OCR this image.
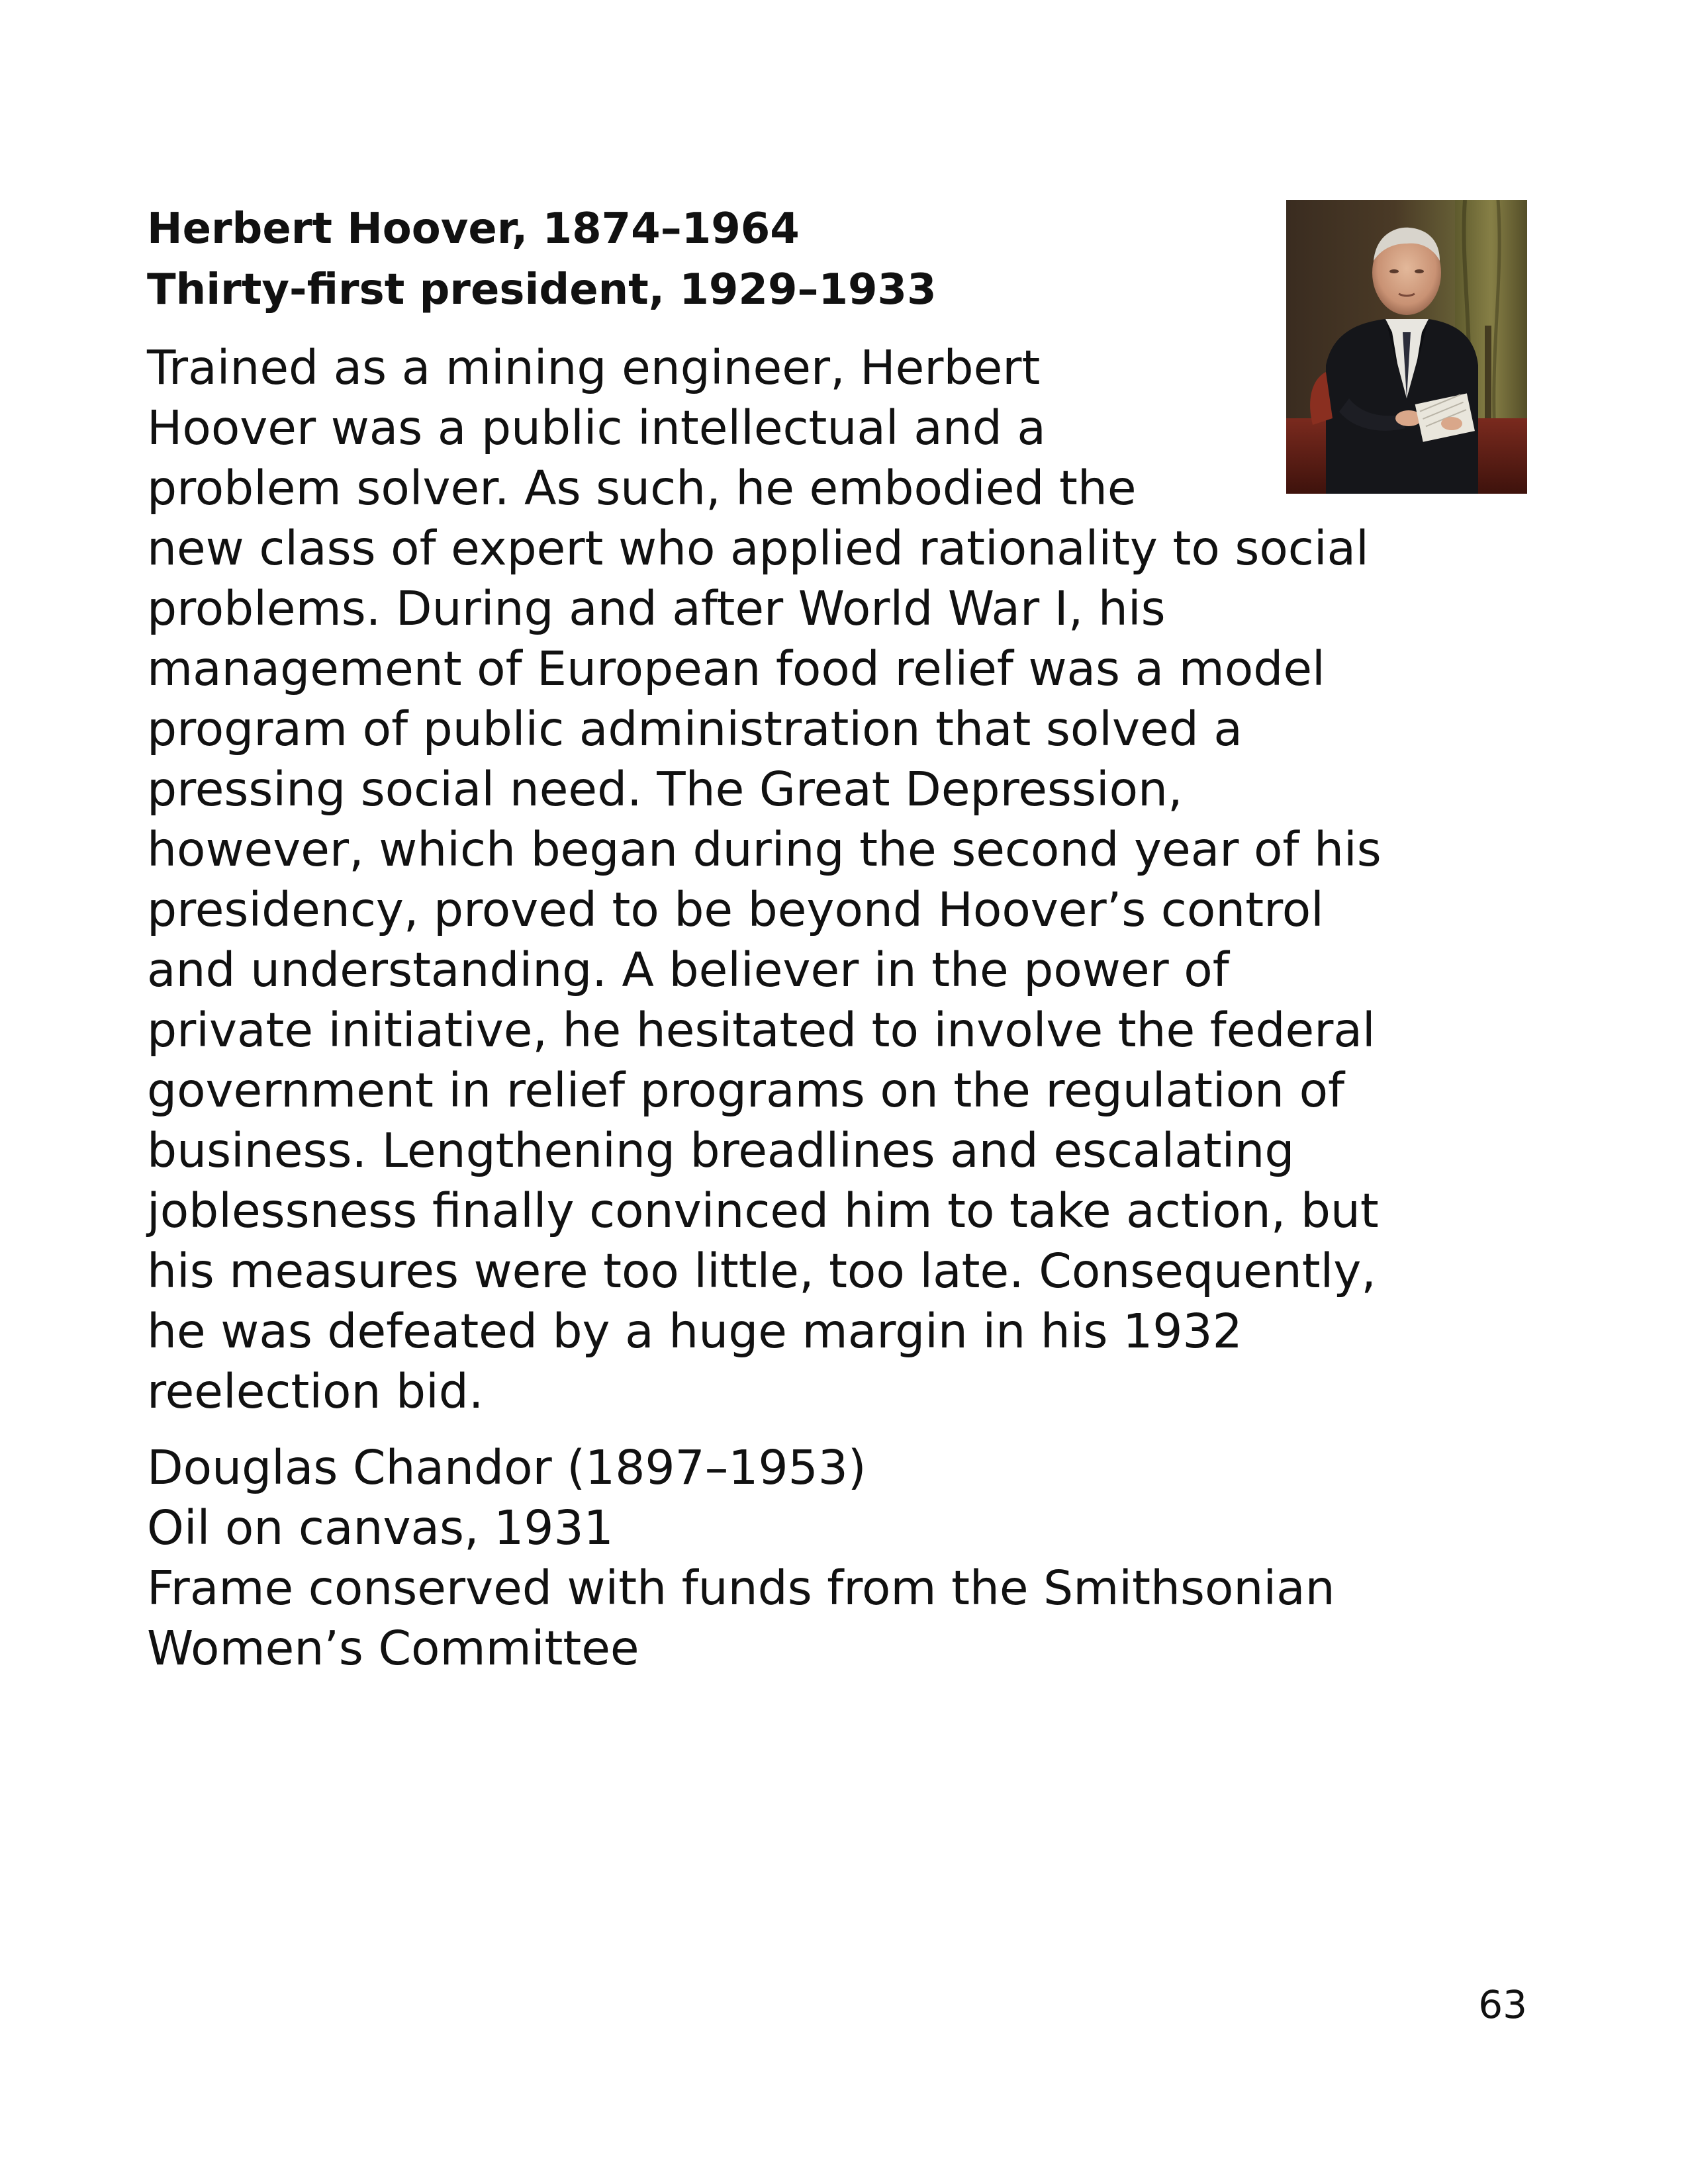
Herbert Hoover, 1874–1964
Thirty-first president, 1929–1933
Trained as a mining engineer, Herbert
Hoover was a public intellectual and a
problem solver. As such, he embodied the
new class of expert who applied rationality to social
problems. During and after World War I, his
management of European food relief was a model
program of public administration that solved a
pressing social need. The Great Depression,
however, which began during the second year of his
presidency, proved to be beyond Hoover’s control
and understanding. A believer in the power of
private initiative, he hesitated to involve the federal
government in relief programs on the regulation of
business. Lengthening breadlines and escalating
joblessness finally convinced him to take action, but
his measures were too little, too late. Consequently,
he was defeated by a huge margin in his 1932
reelection bid.
Douglas Chandor (1897–1953)
Oil on canvas, 1931
Frame conserved with funds from the Smithsonian
Women’s Committee
63
